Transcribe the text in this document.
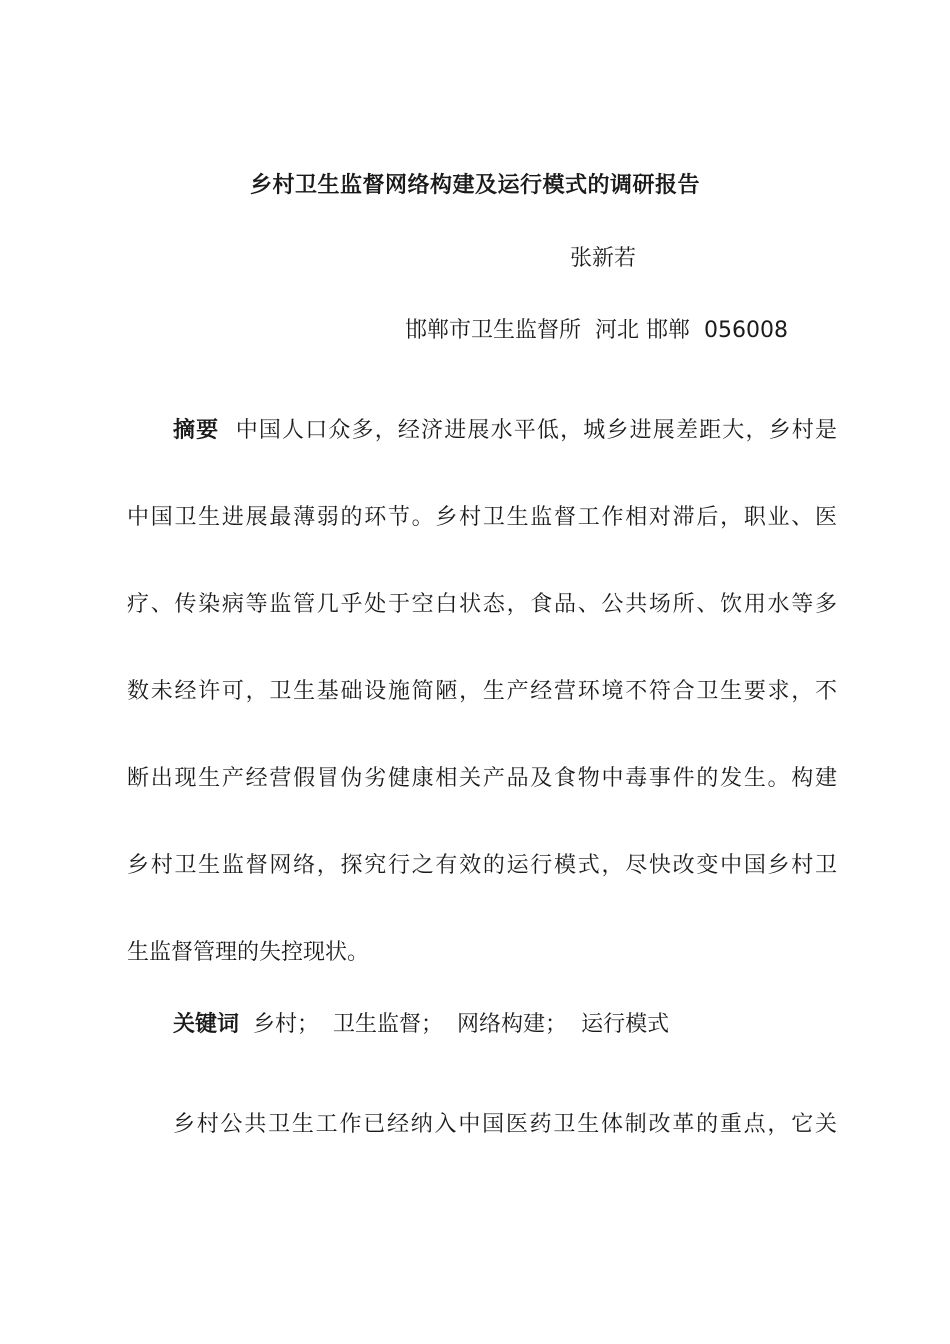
乡村卫生监督网络构建及运行模式的调研报告
张新若
邯郸市卫生监督所  河北 邯郸  056008
摘要 中国人口众多，经济进展水平低，城乡进展差距大，乡村是
中国卫生进展最薄弱的环节。乡村卫生监督工作相对滞后，职业、医
疗、传染病等监管几乎处于空白状态，食品、公共场所、饮用水等多
数未经许可，卫生基础设施简陋，生产经营环境不符合卫生要求，不
断出现生产经营假冒伪劣健康相关产品及食物中毒事件的发生。构建
乡村卫生监督网络，探究行之有效的运行模式，尽快改变中国乡村卫
生监督管理的失控现状。
关键词 乡村； 卫生监督； 网络构建； 运行模式
乡村公共卫生工作已经纳入中国医药卫生体制改革的重点，它关
